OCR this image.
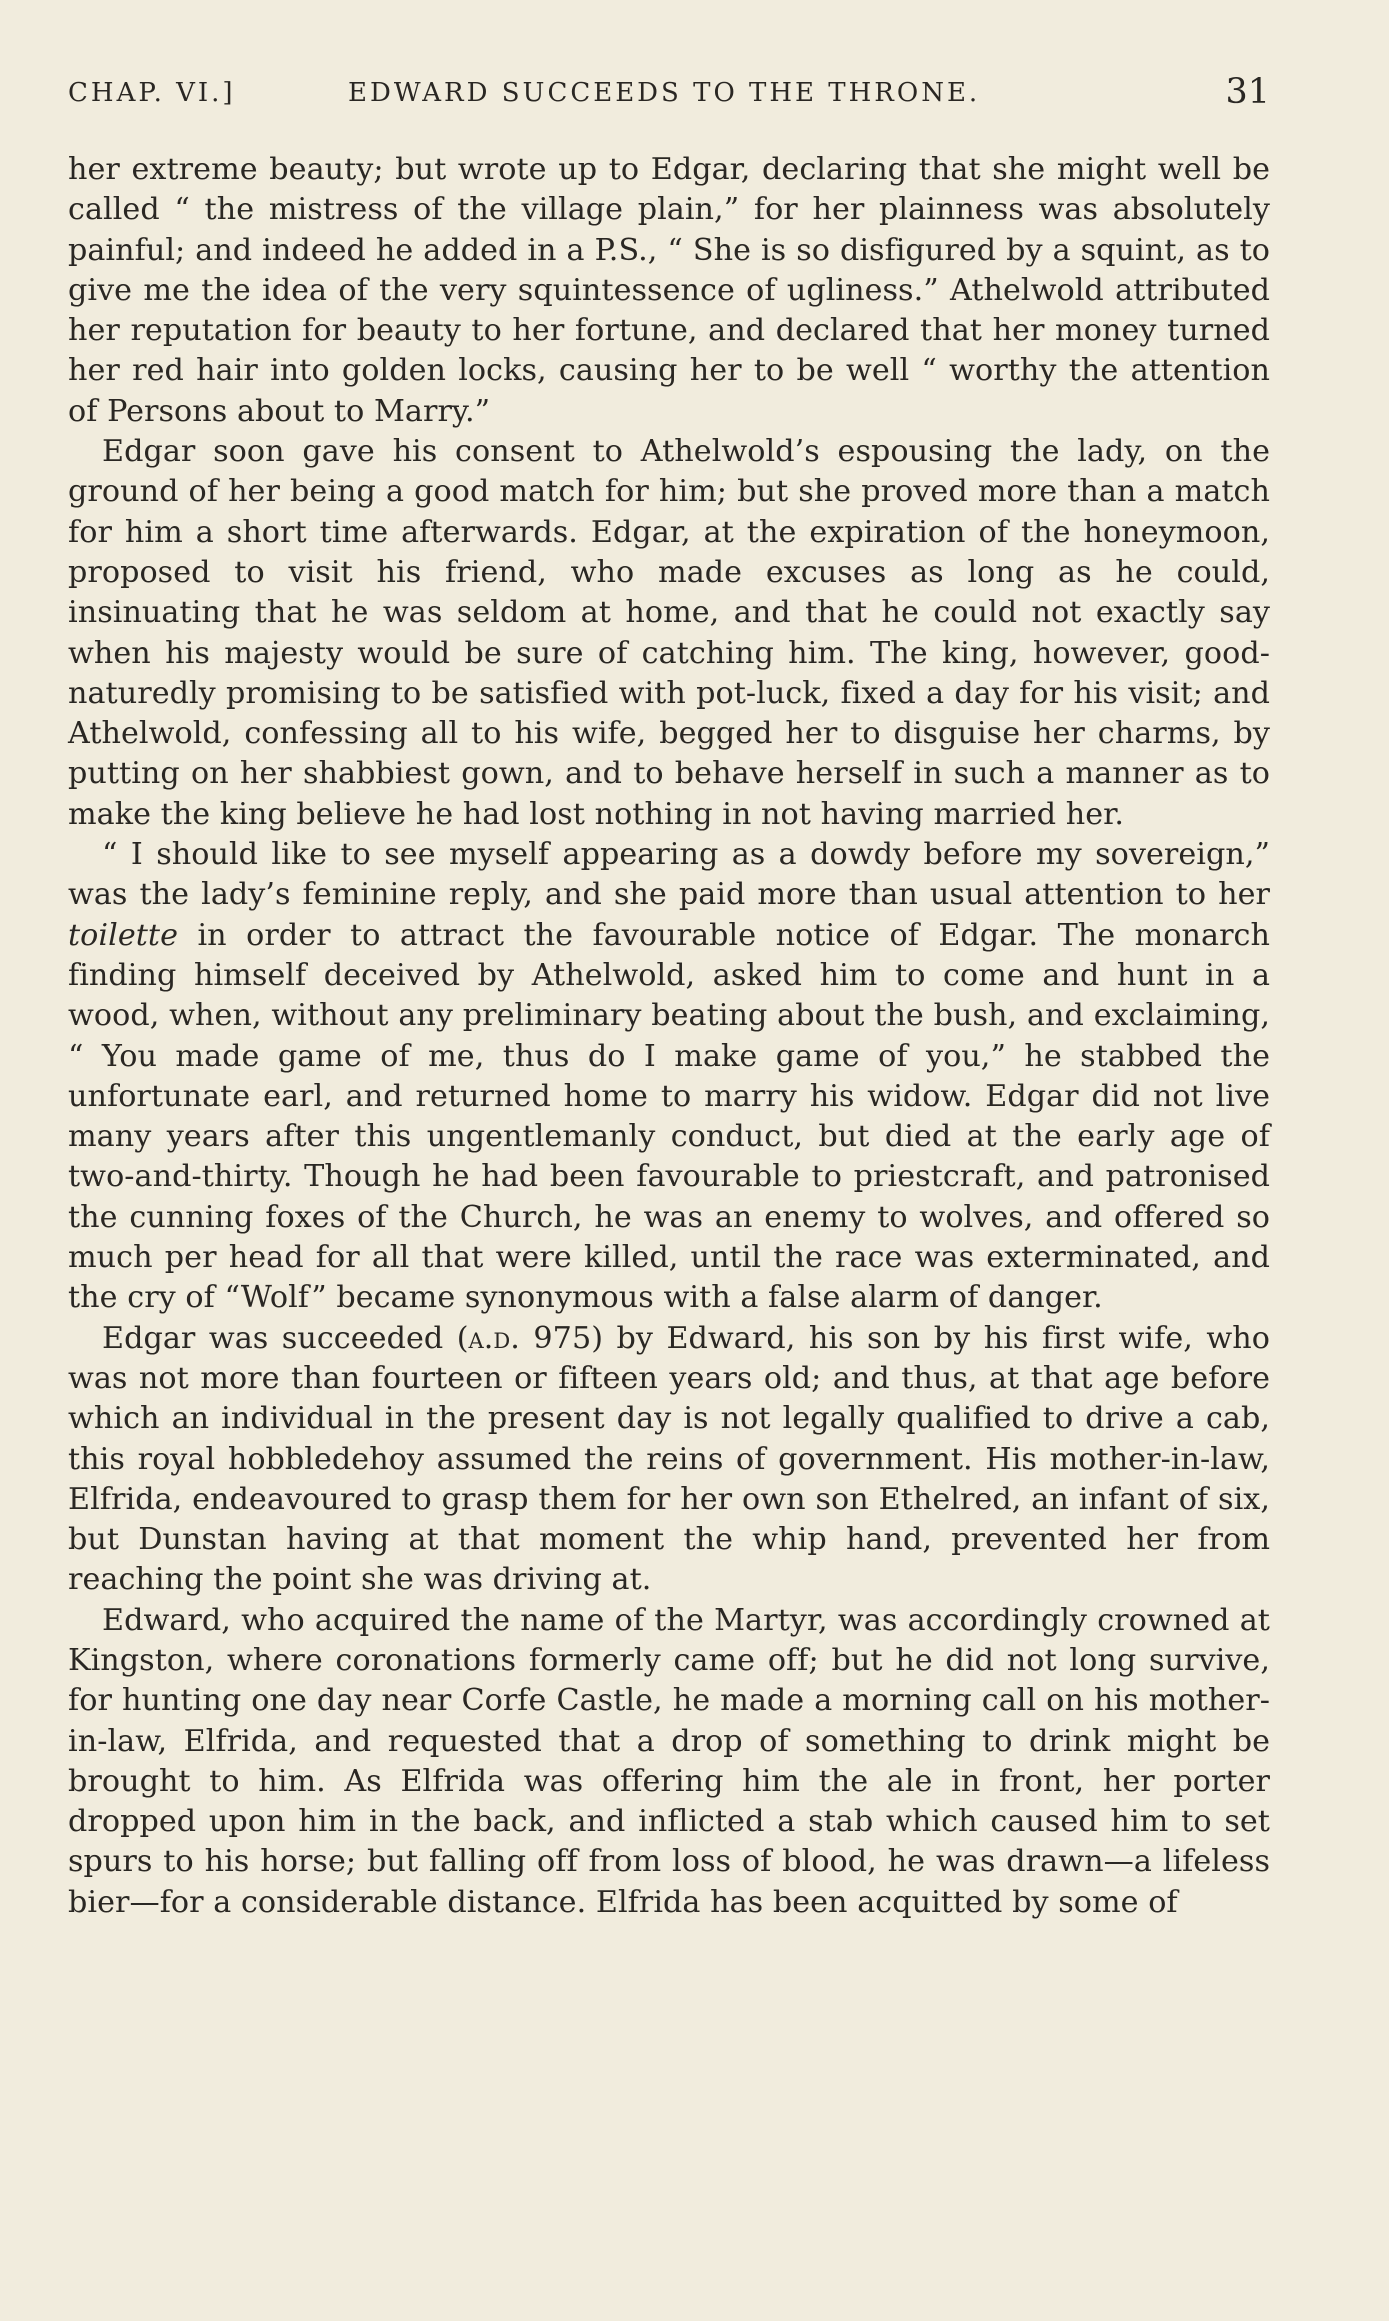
CHAP. VI.]	EDWARD SUCCEEDS TO THE THRONE.	31

her extreme beauty; but wrote up to Edgar, declaring that she might well be called “ the mistress of the village plain,” for her plainness was absolutely painful; and indeed he added in a P.S., “ She is so disfigured by a squint, as to give me the idea of the very squintessence of ugliness.” Athelwold attributed her reputation for beauty to her fortune, and declared that her money turned her red hair into golden locks, causing her to be well “ worthy the attention of Persons about to Marry.”

Edgar soon gave his consent to Athelwold’s espousing the lady, on the ground of her being a good match for him; but she proved more than a match for him a short time afterwards. Edgar, at the expiration of the honeymoon, proposed to visit his friend, who made excuses as long as he could, insinuating that he was seldom at home, and that he could not exactly say when his majesty would be sure of catching him. The king, however, good-naturedly promising to be satisfied with pot-luck, fixed a day for his visit; and Athelwold, confessing all to his wife, begged her to disguise her charms, by putting on her shabbiest gown, and to behave herself in such a manner as to make the king believe he had lost nothing in not having married her.

“ I should like to see myself appearing as a dowdy before my sovereign,” was the lady’s feminine reply, and she paid more than usual attention to her toilette in order to attract the favourable notice of Edgar. The monarch finding himself deceived by Athelwold, asked him to come and hunt in a wood, when, without any preliminary beating about the bush, and exclaiming, “ You made game of me, thus do I make game of you,” he stabbed the unfortunate earl, and returned home to marry his widow. Edgar did not live many years after this ungentlemanly conduct, but died at the early age of two-and-thirty. Though he had been favourable to priestcraft, and patronised the cunning foxes of the Church, he was an enemy to wolves, and offered so much per head for all that were killed, until the race was exterminated, and the cry of “Wolf” became synonymous with a false alarm of danger.

Edgar was succeeded (a.d. 975) by Edward, his son by his first wife, who was not more than fourteen or fifteen years old; and thus, at that age before which an individual in the present day is not legally qualified to drive a cab, this royal hobbledehoy assumed the reins of government. His mother-in-law, Elfrida, endeavoured to grasp them for her own son Ethelred, an infant of six, but Dunstan having at that moment the whip hand, prevented her from reaching the point she was driving at.

Edward, who acquired the name of the Martyr, was accordingly crowned at Kingston, where coronations formerly came off; but he did not long survive, for hunting one day near Corfe Castle, he made a morning call on his mother-in-law, Elfrida, and requested that a drop of something to drink might be brought to him. As Elfrida was offering him the ale in front, her porter dropped upon him in the back, and inflicted a stab which caused him to set spurs to his horse; but falling off from loss of blood, he was drawn—a lifeless bier—for a considerable distance. Elfrida has been acquitted by some of
